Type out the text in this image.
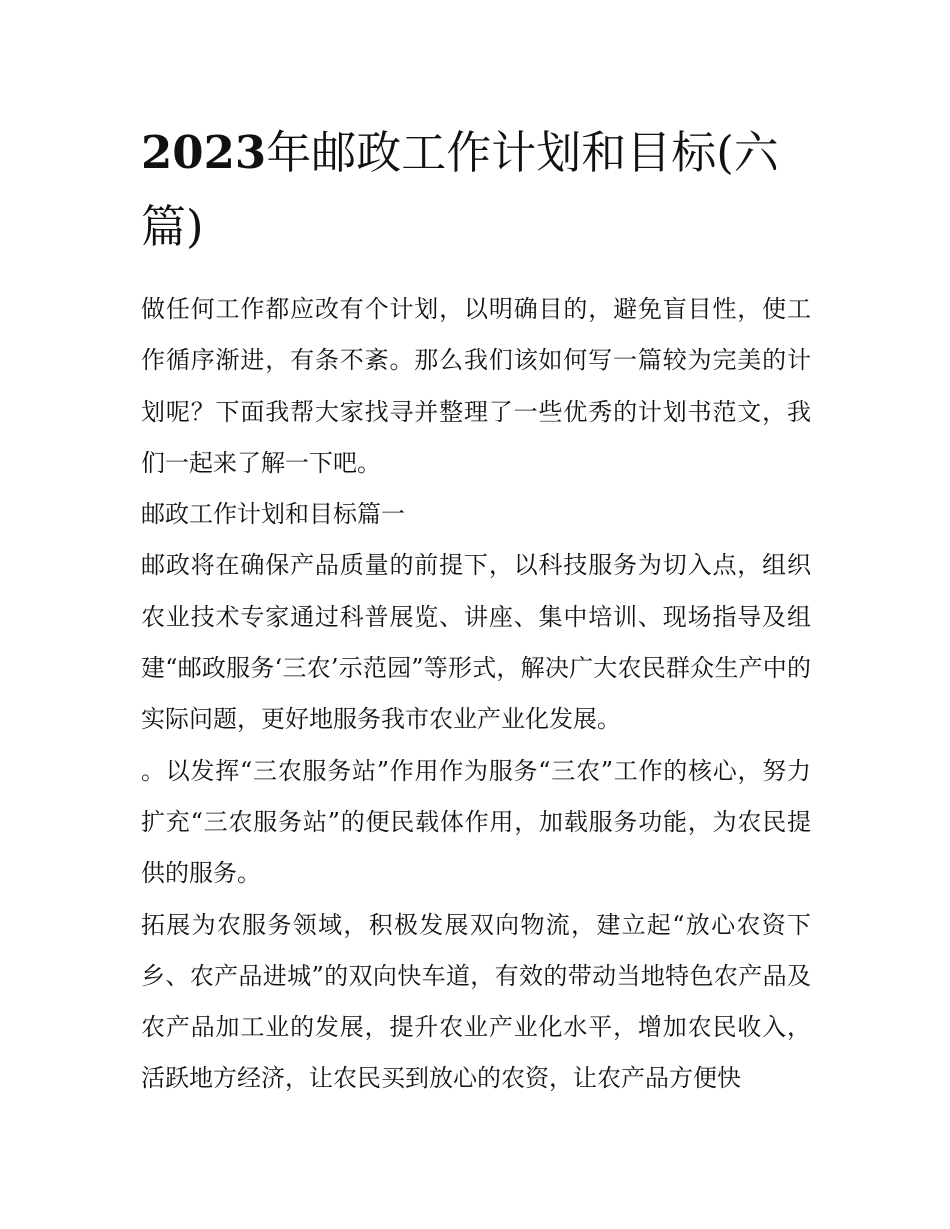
2023年邮政工作计划和目标(六篇)

做任何工作都应改有个计划，以明确目的，避免盲目性，使工作循序渐进，有条不紊。那么我们该如何写一篇较为完美的计划呢？下面我帮大家找寻并整理了一些优秀的计划书范文，我们一起来了解一下吧。

邮政工作计划和目标篇一

邮政将在确保产品质量的前提下，以科技服务为切入点，组织农业技术专家通过科普展览、讲座、集中培训、现场指导及组建“邮政服务‘三农’示范园”等形式，解决广大农民群众生产中的实际问题，更好地服务我市农业产业化发展。

。以发挥“三农服务站”作用作为服务“三农”工作的核心，努力扩充“三农服务站”的便民载体作用，加载服务功能，为农民提供的服务。

拓展为农服务领域，积极发展双向物流，建立起“放心农资下乡、农产品进城”的双向快车道，有效的带动当地特色农产品及农产品加工业的发展，提升农业产业化水平，增加农民收入，活跃地方经济，让农民买到放心的农资，让农产品方便快
